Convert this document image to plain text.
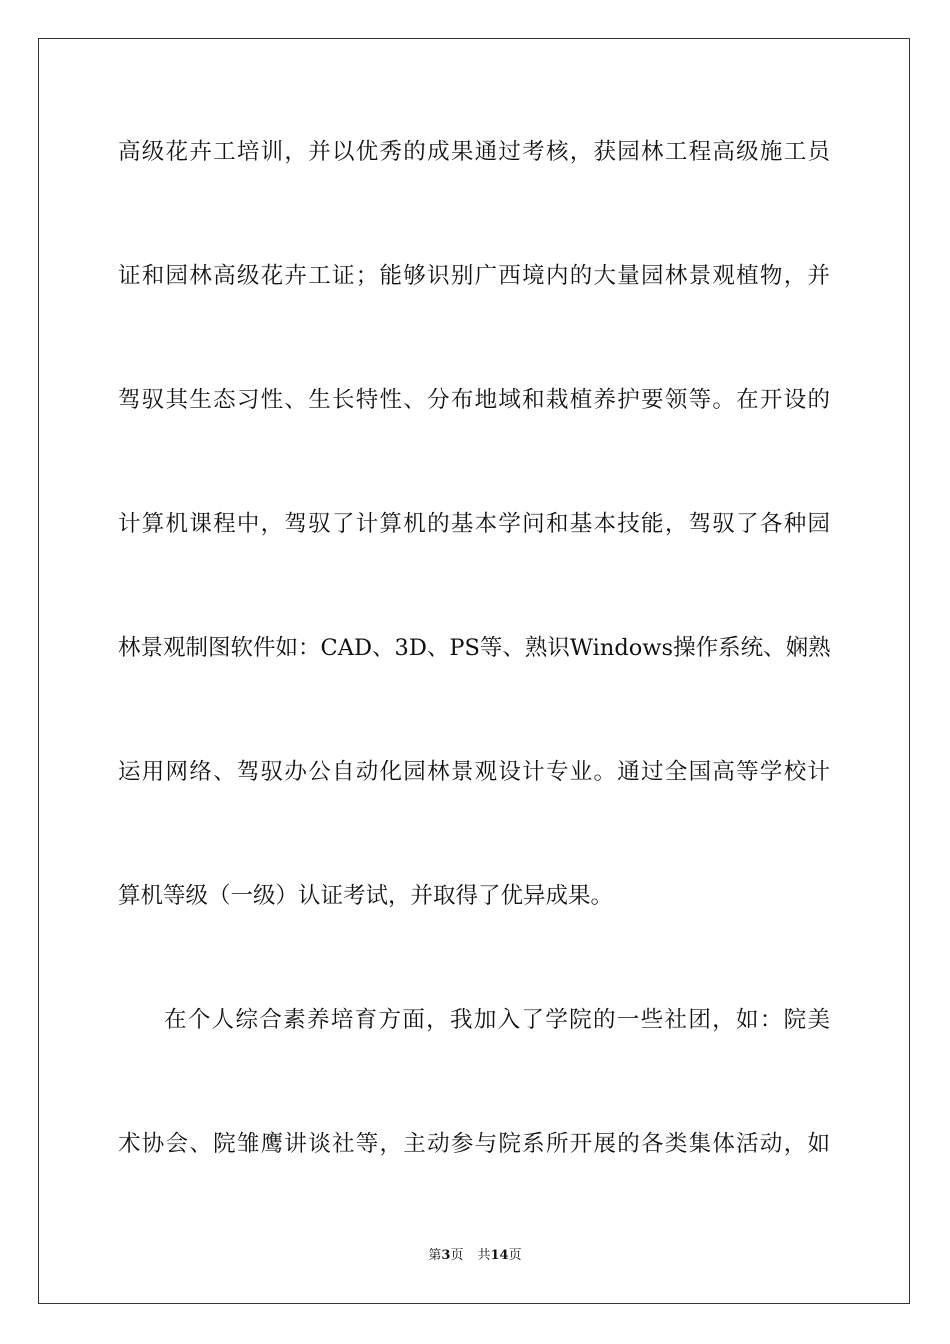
高级花卉工培训，并以优秀的成果通过考核，获园林工程高级施工员
证和园林高级花卉工证；能够识别广西境内的大量园林景观植物，并
驾驭其生态习性、生长特性、分布地域和栽植养护要领等。在开设的
计算机课程中，驾驭了计算机的基本学问和基本技能，驾驭了各种园
林景观制图软件如：CAD、3D、PS等、熟识Windows操作系统、娴熟
运用网络、驾驭办公自动化园林景观设计专业。通过全国高等学校计
算机等级（一级）认证考试，并取得了优异成果。
在个人综合素养培育方面，我加入了学院的一些社团，如：院美
术协会、院雏鹰讲谈社等，主动参与院系所开展的各类集体活动，如
第3页 共14页
